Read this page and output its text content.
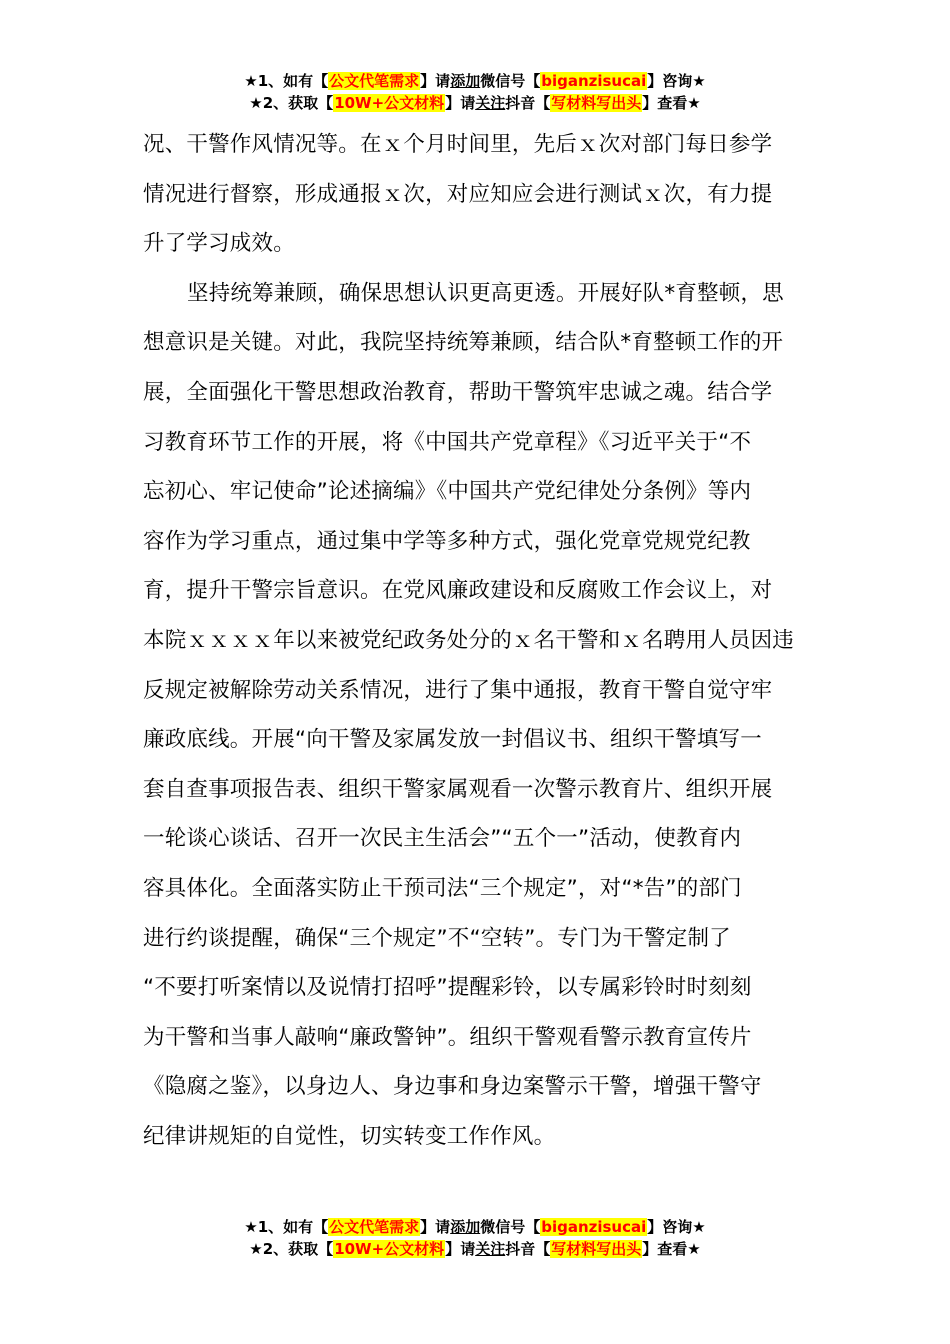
★1、如有【公文代笔需求】请添加微信号【biganzisucai】咨询★
★2、获取【10W+公文材料】请关注抖音【写材料写出头】查看★
况、干警作风情况等。在ｘ个月时间里，先后ｘ次对部门每日参学
情况进行督察，形成通报ｘ次，对应知应会进行测试ｘ次，有力提
升了学习成效。
坚持统筹兼顾，确保思想认识更高更透。开展好队*育整顿，思
想意识是关键。对此，我院坚持统筹兼顾，结合队*育整顿工作的开
展，全面强化干警思想政治教育，帮助干警筑牢忠诚之魂。结合学
习教育环节工作的开展，将《中国共产党章程》《习近平关于“不
忘初心、牢记使命”论述摘编》《中国共产党纪律处分条例》等内
容作为学习重点，通过集中学等多种方式，强化党章党规党纪教
育，提升干警宗旨意识。在党风廉政建设和反腐败工作会议上，对
本院ｘｘｘｘ年以来被党纪政务处分的ｘ名干警和ｘ名聘用人员因违
反规定被解除劳动关系情况，进行了集中通报，教育干警自觉守牢
廉政底线。开展“向干警及家属发放一封倡议书、组织干警填写一
套自查事项报告表、组织干警家属观看一次警示教育片、组织开展
一轮谈心谈话、召开一次民主生活会”“五个一”活动，使教育内
容具体化。全面落实防止干预司法“三个规定”，对“*告”的部门
进行约谈提醒，确保“三个规定”不“空转”。专门为干警定制了
“不要打听案情以及说情打招呼”提醒彩铃，以专属彩铃时时刻刻
为干警和当事人敲响“廉政警钟”。组织干警观看警示教育宣传片
《隐腐之鉴》，以身边人、身边事和身边案警示干警，增强干警守
纪律讲规矩的自觉性，切实转变工作作风。
★1、如有【公文代笔需求】请添加微信号【biganzisucai】咨询★
★2、获取【10W+公文材料】请关注抖音【写材料写出头】查看★
